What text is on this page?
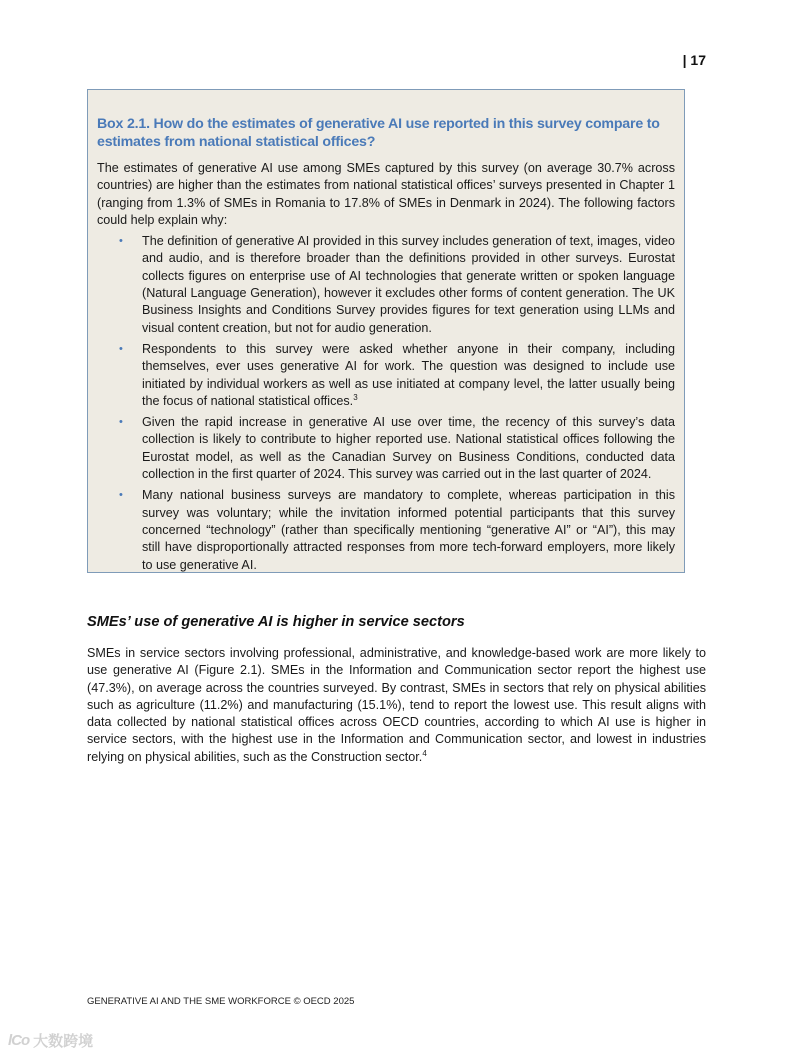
| 17
Box 2.1. How do the estimates of generative AI use reported in this survey compare to estimates from national statistical offices?

The estimates of generative AI use among SMEs captured by this survey (on average 30.7% across countries) are higher than the estimates from national statistical offices’ surveys presented in Chapter 1 (ranging from 1.3% of SMEs in Romania to 17.8% of SMEs in Denmark in 2024). The following factors could help explain why:

• The definition of generative AI provided in this survey includes generation of text, images, video and audio, and is therefore broader than the definitions provided in other surveys. Eurostat collects figures on enterprise use of AI technologies that generate written or spoken language (Natural Language Generation), however it excludes other forms of content generation. The UK Business Insights and Conditions Survey provides figures for text generation using LLMs and visual content creation, but not for audio generation.
• Respondents to this survey were asked whether anyone in their company, including themselves, ever uses generative AI for work. The question was designed to include use initiated by individual workers as well as use initiated at company level, the latter usually being the focus of national statistical offices.$^3$
• Given the rapid increase in generative AI use over time, the recency of this survey’s data collection is likely to contribute to higher reported use. National statistical offices following the Eurostat model, as well as the Canadian Survey on Business Conditions, conducted data collection in the first quarter of 2024. This survey was carried out in the last quarter of 2024.
• Many national business surveys are mandatory to complete, whereas participation in this survey was voluntary; while the invitation informed potential participants that this survey concerned “technology” (rather than specifically mentioning “generative AI” or “AI”), this may still have disproportionally attracted responses from more tech-forward employers, more likely to use generative AI.
SMEs’ use of generative AI is higher in service sectors

SMEs in service sectors involving professional, administrative, and knowledge-based work are more likely to use generative AI (Figure 2.1). SMEs in the Information and Communication sector report the highest use (47.3%), on average across the countries surveyed. By contrast, SMEs in sectors that rely on physical abilities such as agriculture (11.2%) and manufacturing (15.1%), tend to report the lowest use. This result aligns with data collected by national statistical offices across OECD countries, according to which AI use is higher in service sectors, with the highest use in the Information and Communication sector, and lowest in industries relying on physical abilities, such as the Construction sector.$^4$

GENERATIVE AI AND THE SME WORKFORCE © OECD 2025
lCo 大数跨境
